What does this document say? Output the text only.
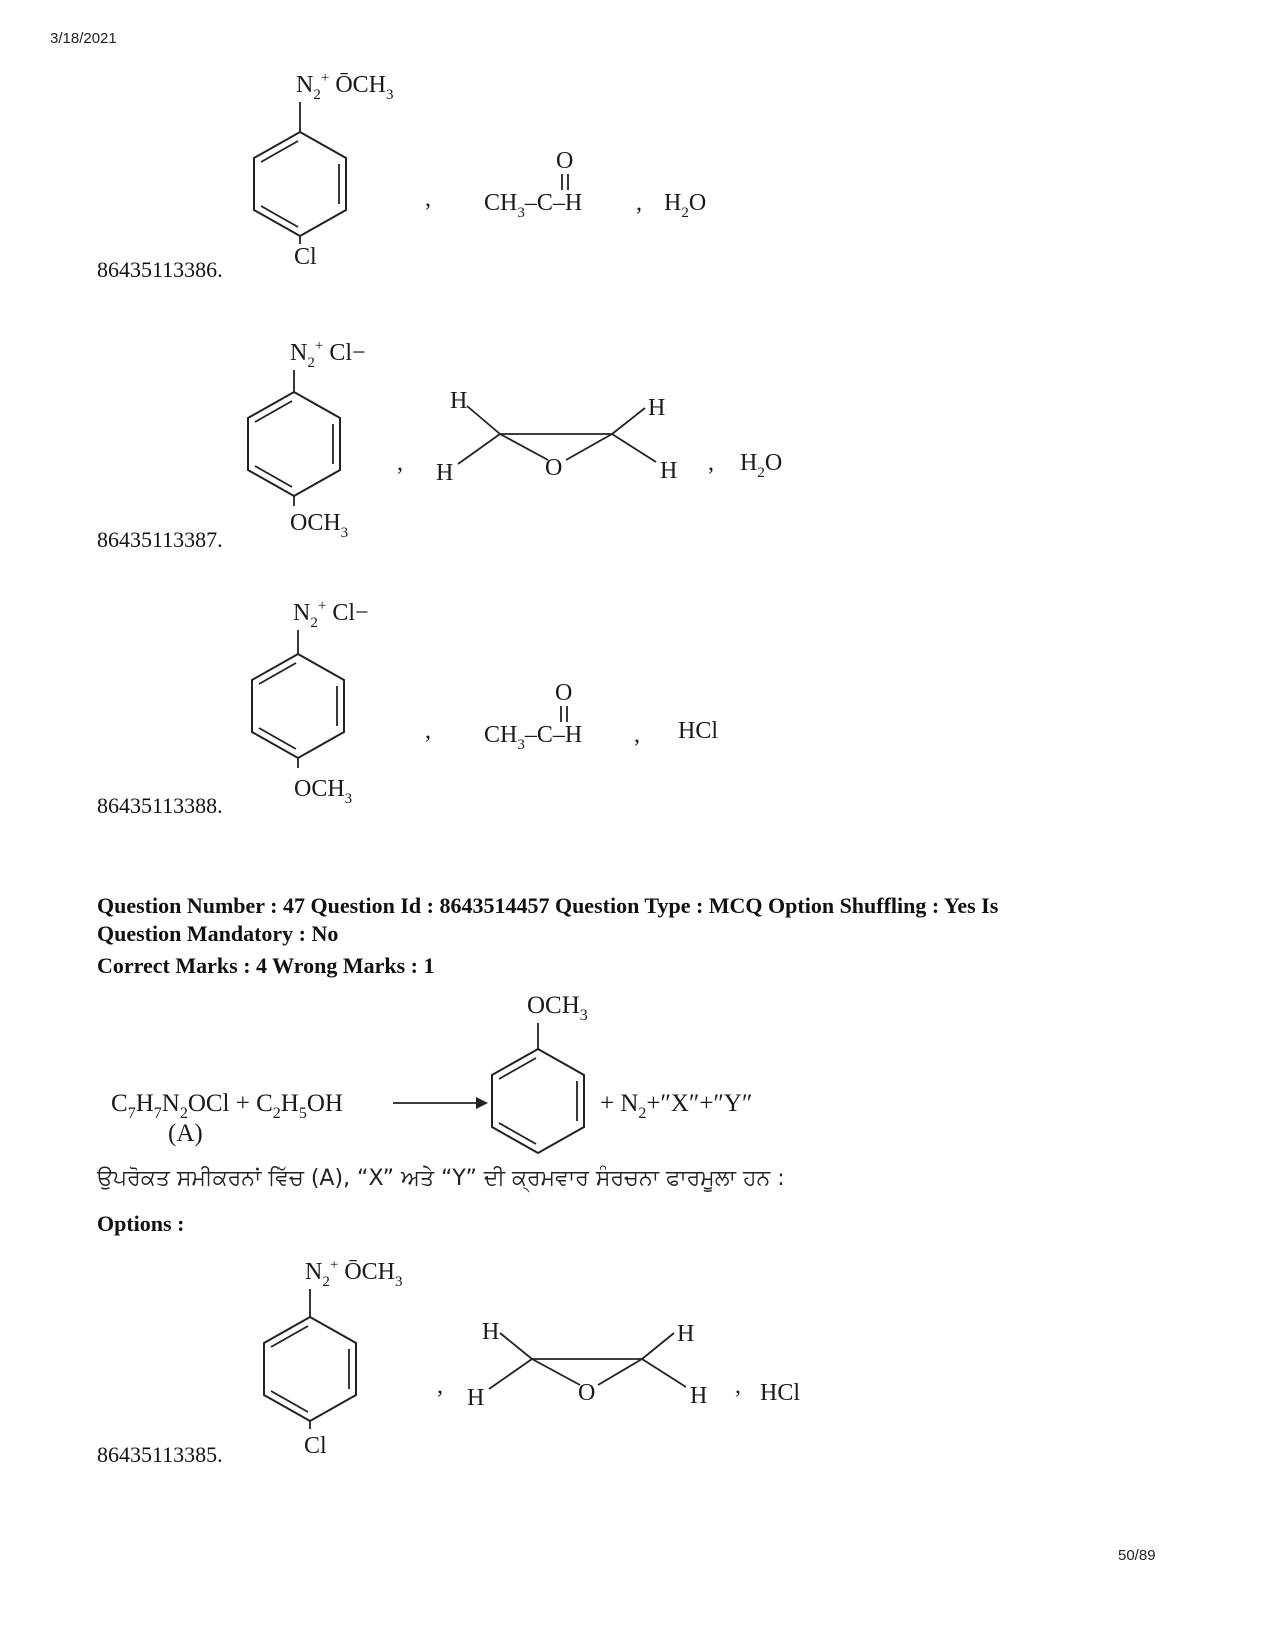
3/18/2021
$N_2^+$ $ŌCH_3$
Cl
,
O
$CH_3-C-H$ , $H_2O$
86435113386.
$N_2^+$ Cl−
$OCH_3$
,
H	H
H	H
O	, $H_2O$
86435113387.
$N_2^+$ Cl−
$OCH_3$
,
O
$CH_3-C-H$ , HCl
86435113388.
Question Number : 47 Question Id : 8643514457 Question Type : MCQ Option Shuffling : Yes Is
Question Mandatory : No
Correct Marks : 4 Wrong Marks : 1
$C_7H_7N_2OCl + C_2H_5OH$
(A)
$OCH_3$
+ $N_2+''X''+''Y''$
ਉਪਰੋਕਤ ਸਮੀਕਰਨਾਂ ਵਿੱਚ (A), “X” ਅਤੇ “Y” ਦੀ ਕ੍ਰਮਵਾਰ ਸੰਰਚਨਾ ਫਾਰਮੂਲਾ ਹਨ :
Options :
$N_2^+$ $ŌCH_3$
Cl
,
H	H
H	H
O	, HCl
86435113385.
50/89
